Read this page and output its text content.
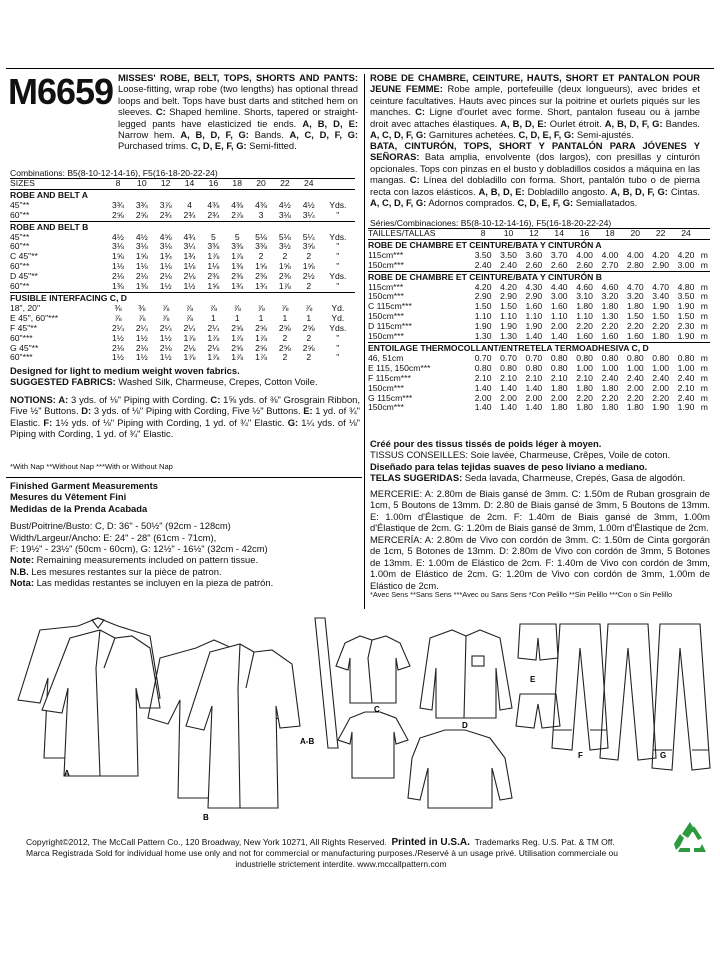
M6659 MISSES' ROBE, BELT, TOPS, SHORTS AND PANTS: Loose-fitting, wrap robe (two lengths) has optional thread loops and belt. Tops have bust darts and stitched hem on sleeves. C: Shaped hemline. Shorts, tapered or straight-legged pants have elasticized tie ends. A, B, D, E: Narrow hem. A, B, D, F, G: Bands. A, C, D, F, G: Purchased trims. C, D, E, F, G: Semi-fitted.
ROBE DE CHAMBRE, CEINTURE, HAUTS, SHORT ET PANTALON POUR JEUNE FEMME: Robe ample, portefeuille (deux longueurs), avec brides et ceinture facultatives. Hauts avec pinces sur la poitrine et ourlets piqués sur les manches. C: Ligne d'ourlet avec forme. Short, pantalon fuseau ou à jambe droit avec attaches élastiques. A, B, D, E: Ourlet étroit. A, B, D, F, G: Bandes. A, C, D, F, G: Garnitures achetées. C, D, E, F, G: Semi-ajustés.
BATA, CINTURÓN, TOPS, SHORT Y PANTALÓN PARA JÓVENES Y SEÑORAS: Bata amplia, envolvente (dos largos), con presillas y cinturón opcionales. Tops con pinzas en el busto y dobladillos cosidos a máquina en las mangas. C: Línea del dobladillo con forma. Short, pantalón tubo o de pierna recta con lazos elásticos. A, B, D, E: Dobladillo angosto. A, B, D, F, G: Cintas. A, C, D, F, G: Adornos comprados. C, D, E, F, G: Semiallatados.
Combinations: B5(8-10-12-14-16), F5(16-18-20-22-24)
SIZES	8	10	12	14	16	18	20	22	24	
ROBE AND BELT A										
45"**	3¾	3¾	3⅞	4	4⅜	4⅜	4⅜	4½	4½	Yds.
60"**	2⅝	2⅝	2¾	2¾	2¾	2⅞	3	3⅛	3¼	"
ROBE AND BELT B										
45"**	4½	4½	4⅝	4¾	5	5	5⅛	5⅛	5¼	Yds.
60"**	3⅛	3⅛	3⅛	3¼	3⅜	3⅜	3⅜	3½	3⅝	"
C 45"**	1⅝	1⅝	1¾	1¾	1⅞	1⅞	2	2	2	"
60"**	1⅛	1⅛	1⅛	1⅛	1⅛	1⅜	1⅝	1⅝	1⅝	"
D 45"**	2⅛	2⅛	2⅛	2⅛	2⅜	2⅜	2⅜	2⅜	2½	Yds.
60"**	1⅜	1⅜	1½	1½	1⅝	1¾	1¾	1⅞	2	"
FUSIBLE INTERFACING C, D										
18", 20"	⅜	⅜	⅞	⅞	⅞	⅞	⅞	⅞	⅞	Yd.
E 45", 60"***	⅞	⅞	⅞	⅞	1	1	1	1	1	Yd.
F 45"**	2¼	2¼	2¼	2¼	2¼	2⅝	2⅝	2⅝	2⅝	Yds.
60"***	1½	1½	1½	1⅞	1⅞	1⅞	1⅞	2	2	"
G 45"**	2⅛	2⅛	2⅛	2⅛	2⅛	2⅝	2⅝	2⅝	2⅝	"
60"***	1½	1½	1½	1⅞	1⅞	1⅞	1⅞	2	2	"
Designed for light to medium weight woven fabrics.
SUGGESTED FABRICS: Washed Silk, Charmeuse, Crepes, Cotton Voile.
NOTIONS: A: 3 yds. of ⅛" Piping with Cording. C: 1⅝ yds. of ⅜" Grosgrain Ribbon, Five ½" Buttons. D: 3 yds. of ⅛" Piping with Cording, Five ½" Buttons. E: 1 yd. of ¾" Elastic. F: 1½ yds. of ⅛" Piping with Cording, 1 yd. of ¾" Elastic. G: 1¼ yds. of ⅛" Piping with Cording, 1 yd. of ¾" Elastic.
*With Nap **Without Nap ***With or Without Nap
Finished Garment Measurements
Mesures du Vêtement Fini
Medidas de la Prenda Acabada
Bust/Poitrine/Busto: C, D: 36" - 50½" (92cm - 128cm)
Width/Largeur/Ancho: E: 24" - 28" (61cm - 71cm),
F: 19½" - 23½" (50cm - 60cm), G: 12½" - 16½" (32cm - 42cm)
Note: Remaining measurements included on pattern tissue.
N.B. Les mesures restantes sur la pièce de patron.
Nota: Las medidas restantes se incluyen en la pieza de patrón.
Séries/Combinaciones: B5(8-10-12-14-16), F5(16-18-20-22-24)
TAILLES/TALLAS	8	10	12	14	16	18	20	22	24	
ROBE DE CHAMBRE ET CEINTURE/BATA Y CINTURÓN A										
115cm***	3.50	3.50	3.60	3.70	4.00	4.00	4.00	4.20	4.20	m
150cm***	2.40	2.40	2.60	2.60	2.60	2.70	2.80	2.90	3.00	m
ROBE DE CHAMBRE ET CEINTURE/BATA Y CINTURÓN B										
115cm***	4.20	4.20	4.30	4.40	4.60	4.60	4.70	4.70	4.80	m
150cm***	2.90	2.90	2.90	3.00	3.10	3.20	3.20	3.40	3.50	m
C 115cm***	1.50	1.50	1.60	1.60	1.80	1.80	1.80	1.90	1.90	m
150cm***	1.10	1.10	1.10	1.10	1.10	1.30	1.50	1.50	1.50	m
D 115cm***	1.90	1.90	1.90	2.00	2.20	2.20	2.20	2.20	2.30	m
150cm***	1.30	1.30	1.40	1.40	1.60	1.60	1.60	1.80	1.90	m
ENTOILAGE THERMOCOLLANT/ENTRETELA TERMOADHESIVA C, D										
46, 51cm	0.70	0.70	0.70	0.80	0.80	0.80	0.80	0.80	0.80	m
E 115, 150cm***	0.80	0.80	0.80	0.80	1.00	1.00	1.00	1.00	1.00	m
F 115cm***	2.10	2.10	2.10	2.10	2.10	2.40	2.40	2.40	2.40	m
150cm***	1.40	1.40	1.40	1.80	1.80	1.80	2.00	2.00	2.10	m
G 115cm***	2.00	2.00	2.00	2.00	2.20	2.20	2.20	2.20	2.40	m
150cm***	1.40	1.40	1.40	1.80	1.80	1.80	1.80	1.90	1.90	m
Créé pour des tissus tissés de poids léger à moyen.
TISSUS CONSEILLES: Soie lavée, Charmeuse, Crêpes, Voile de coton.
Diseñado para telas tejidas suaves de peso liviano a mediano.
TELAS SUGERIDAS: Seda lavada, Charmeuse, Crepés, Gasa de algodón.
MERCERIE: A: 2.80m de Biais gansé de 3mm. C: 1.50m de Ruban grosgrain de 1cm, 5 Boutons de 13mm. D: 2.80 de Biais gansé de 3mm, 5 Boutons de 13mm. E: 1.00m d'Élastique de 2cm. F: 1.40m de Biais gansé de 3mm, 1.00m d'Élastique de 2cm. G: 1.20m de Biais gansé de 3mm, 1.00m d'Élastique de 2cm.
MERCERÍA: A: 2.80m de Vivo con cordón de 3mm. C: 1.50m de Cinta gorgorán de 1cm, 5 Botones de 13mm. D: 2.80m de Vivo con cordón de 3mm, 5 Botones de 13mm. E: 1.00m de Elástico de 2cm. F: 1.40m de Vivo con cordón de 3mm, 1.00m de Elástico de 2cm. G: 1.20m de Vivo con cordón de 3mm, 1.00m de Elástico de 2cm.
*Avec Sens **Sans Sens ***Avec ou Sans Sens *Con Pelillo **Sin Pelillo ***Con o Sin Pelillo
A
B
A-B
C
D
E
F	G
Copyright©2012, The McCall Pattern Co., 120 Broadway, New York 10271, All Rights Reserved. Printed in U.S.A. Trademarks Reg. U.S. Pat. & TM Off.
Marca Registrada Sold for individual home use only and not for commercial or manufacturing purposes./Reservé à un usage privé. Utilisation commerciale ou
industrielle strictement interdite. www.mccallpattern.com
